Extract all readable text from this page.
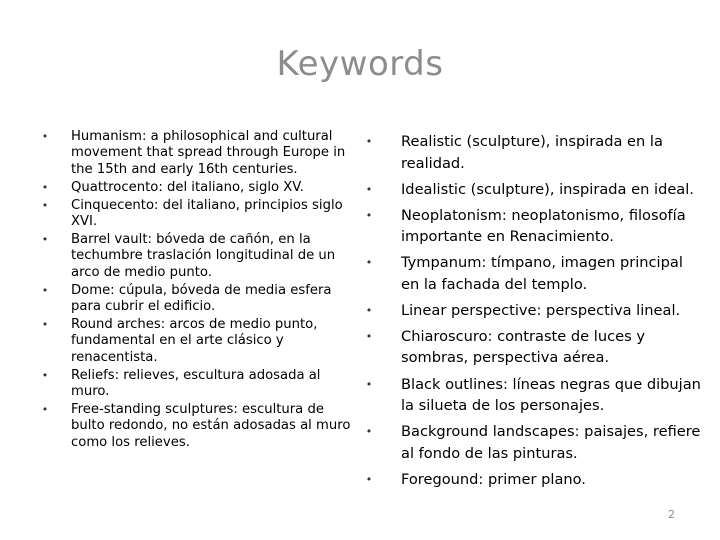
Keywords
• Humanism: a philosophical and cultural movement that spread through Europe in the 15th and early 16th centuries.
• Quattrocento: del italiano, siglo XV.
• Cinquecento: del italiano, principios siglo XVI.
• Barrel vault: bóveda de cañón, en la techumbre traslación longitudinal de un arco de medio punto.
• Dome: cúpula, bóveda de media esfera para cubrir el edificio.
• Round arches: arcos de medio punto, fundamental en el arte clásico y renacentista.
• Reliefs: relieves, escultura adosada al muro.
• Free-standing sculptures: escultura de bulto redondo, no están adosadas al muro como los relieves.
• Realistic (sculpture), inspirada en la realidad.
• Idealistic (sculpture), inspirada en ideal.
• Neoplatonism: neoplatonismo, filosofía importante en Renacimiento.
• Tympanum: tímpano, imagen principal en la fachada del templo.
• Linear perspective: perspectiva lineal.
• Chiaroscuro: contraste de luces y sombras, perspectiva aérea.
• Black outlines: líneas negras que dibujan la silueta de los personajes.
• Background landscapes: paisajes, refiere al fondo de las pinturas.
• Foregound: primer plano.
2
